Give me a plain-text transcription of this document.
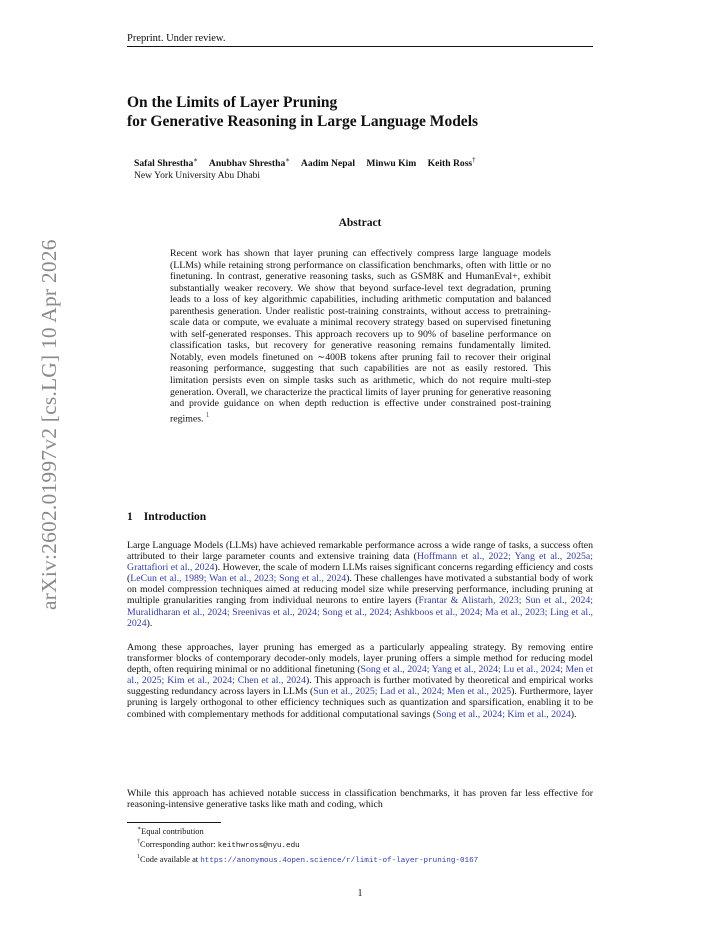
Preprint. Under review.
arXiv:2602.01997v2 [cs.LG] 10 Apr 2026
On the Limits of Layer Pruning
for Generative Reasoning in Large Language Models
Safal Shrestha∗ Anubhav Shrestha∗ Aadim Nepal Minwu Kim Keith Ross†
New York University Abu Dhabi
Abstract
Recent work has shown that layer pruning can effectively compress large language models (LLMs) while retaining strong performance on classification benchmarks, often with little or no finetuning. In contrast, generative reasoning tasks, such as GSM8K and HumanEval+, exhibit substantially weaker recovery. We show that beyond surface-level text degradation, pruning leads to a loss of key algorithmic capabilities, including arithmetic computation and balanced parenthesis generation. Under realistic post-training constraints, without access to pretraining-scale data or compute, we evaluate a minimal recovery strategy based on supervised finetuning with self-generated responses. This approach recovers up to 90% of baseline performance on classification tasks, but recovery for generative reasoning remains fundamentally limited. Notably, even models finetuned on ∼400B tokens after pruning fail to recover their original reasoning performance, suggesting that such capabilities are not as easily restored. This limitation persists even on simple tasks such as arithmetic, which do not require multi-step generation. Overall, we characterize the practical limits of layer pruning for generative reasoning and provide guidance on when depth reduction is effective under constrained post-training regimes. $^1$
1 Introduction
Large Language Models (LLMs) have achieved remarkable performance across a wide range of tasks, a success often attributed to their large parameter counts and extensive training data (Hoffmann et al., 2022; Yang et al., 2025a; Grattafiori et al., 2024). However, the scale of modern LLMs raises significant concerns regarding efficiency and costs (LeCun et al., 1989; Wan et al., 2023; Song et al., 2024). These challenges have motivated a substantial body of work on model compression techniques aimed at reducing model size while preserving performance, including pruning at multiple granularities ranging from individual neurons to entire layers (Frantar & Alistarh, 2023; Sun et al., 2024; Muralidharan et al., 2024; Sreenivas et al., 2024; Song et al., 2024; Ashkboos et al., 2024; Ma et al., 2023; Ling et al., 2024).
Among these approaches, layer pruning has emerged as a particularly appealing strategy. By removing entire transformer blocks of contemporary decoder-only models, layer pruning offers a simple method for reducing model depth, often requiring minimal or no additional finetuning (Song et al., 2024; Yang et al., 2024; Lu et al., 2024; Men et al., 2025; Kim et al., 2024; Chen et al., 2024). This approach is further motivated by theoretical and empirical works suggesting redundancy across layers in LLMs (Sun et al., 2025; Lad et al., 2024; Men et al., 2025). Furthermore, layer pruning is largely orthogonal to other efficiency techniques such as quantization and sparsification, enabling it to be combined with complementary methods for additional computational savings (Song et al., 2024; Kim et al., 2024).
While this approach has achieved notable success in classification benchmarks, it has proven far less effective for reasoning-intensive generative tasks like math and coding, which
∗Equal contribution
†Corresponding author: keithwross@nyu.edu
$^1$Code available at https://anonymous.4open.science/r/limit-of-layer-pruning-0167
1
